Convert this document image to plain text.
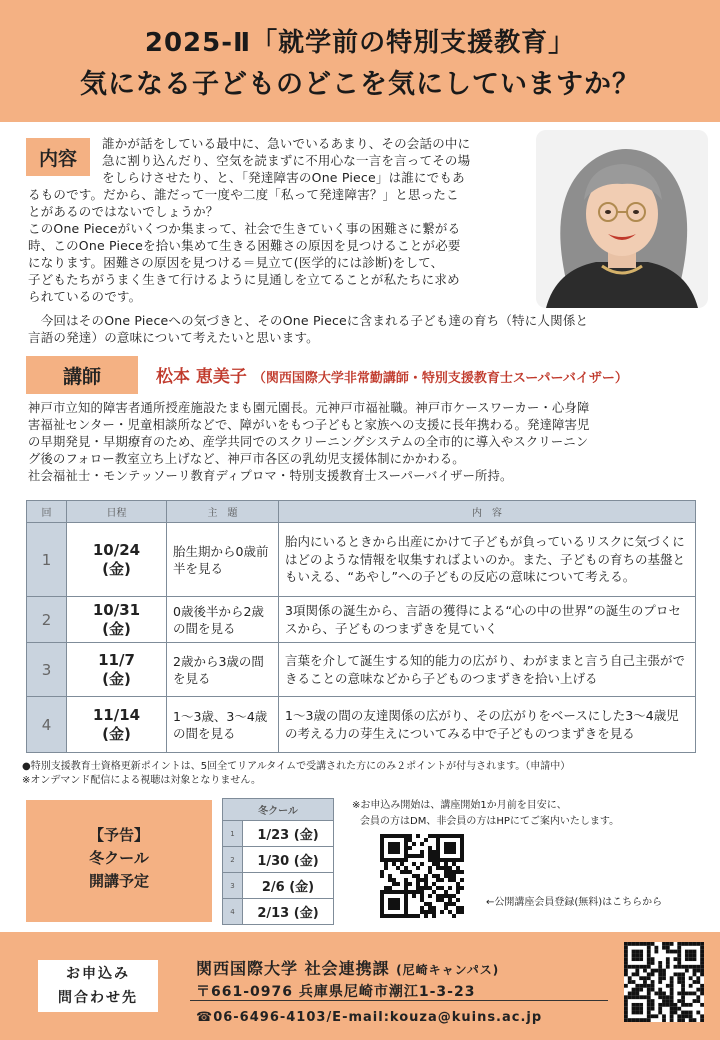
2025-Ⅱ「就学前の特別支援教育」
気になる子どものどこを気にしていますか？
内容
誰かが話をしている最中に、急いでいるあまり、その会話の中に
急に割り込んだり、空気を読まずに不用心な一言を言ってその場
をしらけさせたり、と、「発達障害のOne Piece」は誰にでもあ
るものです。だから、誰だって一度や二度「私って発達障害？」と思ったこ
とがあるのではないでしょうか？
このOne Pieceがいくつか集まって、社会で生きていく事の困難さに繋がる
時、このOne Pieceを拾い集めて生きる困難さの原因を見つけることが必要
になります。困難さの原因を見つける＝見立て(医学的には診断)をして、
子どもたちがうまく生きて行けるように見通しを立てることが私たちに求め
られているのです。
　今回はそのOne Pieceへの気づきと、そのOne Pieceに含まれる子ども達の育ち（特に人関係と
言語の発達）の意味について考えたいと思います。
講師	松本 恵美子 （関西国際大学非常勤講師・特別支援教育士スーパーバイザー）
神戸市立知的障害者通所授産施設たまも園元園長。元神戸市福祉職。神戸市ケースワーカー・心身障
害福祉センター・児童相談所などで、障がいをもつ子どもと家族への支援に長年携わる。発達障害児
の早期発見・早期療育のため、産学共同でのスクリーニングシステムの全市的に導入やスクリーニン
グ後のフォロー教室立ち上げなど、神戸市各区の乳幼児支援体制にかかわる。
社会福祉士・モンテッソーリ教育ディプロマ・特別支援教育士スーパーバイザー所持。
回	日程	主　題	内　容
1	10/24
(金)	胎生期から0歳前半を見る	胎内にいるときから出産にかけて子どもが負っているリスクに気づくにはどのような情報を収集すればよいのか。また、子どもの育ちの基盤ともいえる、“あやし”への子どもの反応の意味について考える。
2	10/31
(金)	0歳後半から2歳の間を見る	3項関係の誕生から、言語の獲得による“心の中の世界”の誕生のプロセスから、子どものつまずきを見ていく
3	11/7
(金)	2歳から3歳の間を見る	言葉を介して誕生する知的能力の広がり、わがままと言う自己主張ができることの意味などから子どものつまずきを拾い上げる
4	11/14
(金)	1～3歳、3～4歳の間を見る	1～3歳の間の友達関係の広がり、その広がりをベースにした3～4歳児の考える力の芽生えについてみる中で子どものつまずきを見る
●特別支援教育士資格更新ポイントは、5回全てリアルタイムで受講された方にのみ２ポイントが付与されます。（申請中）
※オンデマンド配信による視聴は対象となりません。
【予告】
冬クール
開講予定
冬クール	
1	1/23 (金)
2	1/30 (金)
3	2/6 (金)
4	2/13 (金)
※お申込み開始は、講座開始1か月前を目安に、
会員の方はDM、非会員の方はHPにてご案内いたします。
←公開講座会員登録(無料)はこちらから
お申込み
問合わせ先
関西国際大学 社会連携課 (尼崎キャンパス)
〒661-0976 兵庫県尼崎市潮江1-3-23
☎06-6496-4103/E-mail:kouza@kuins.ac.jp
